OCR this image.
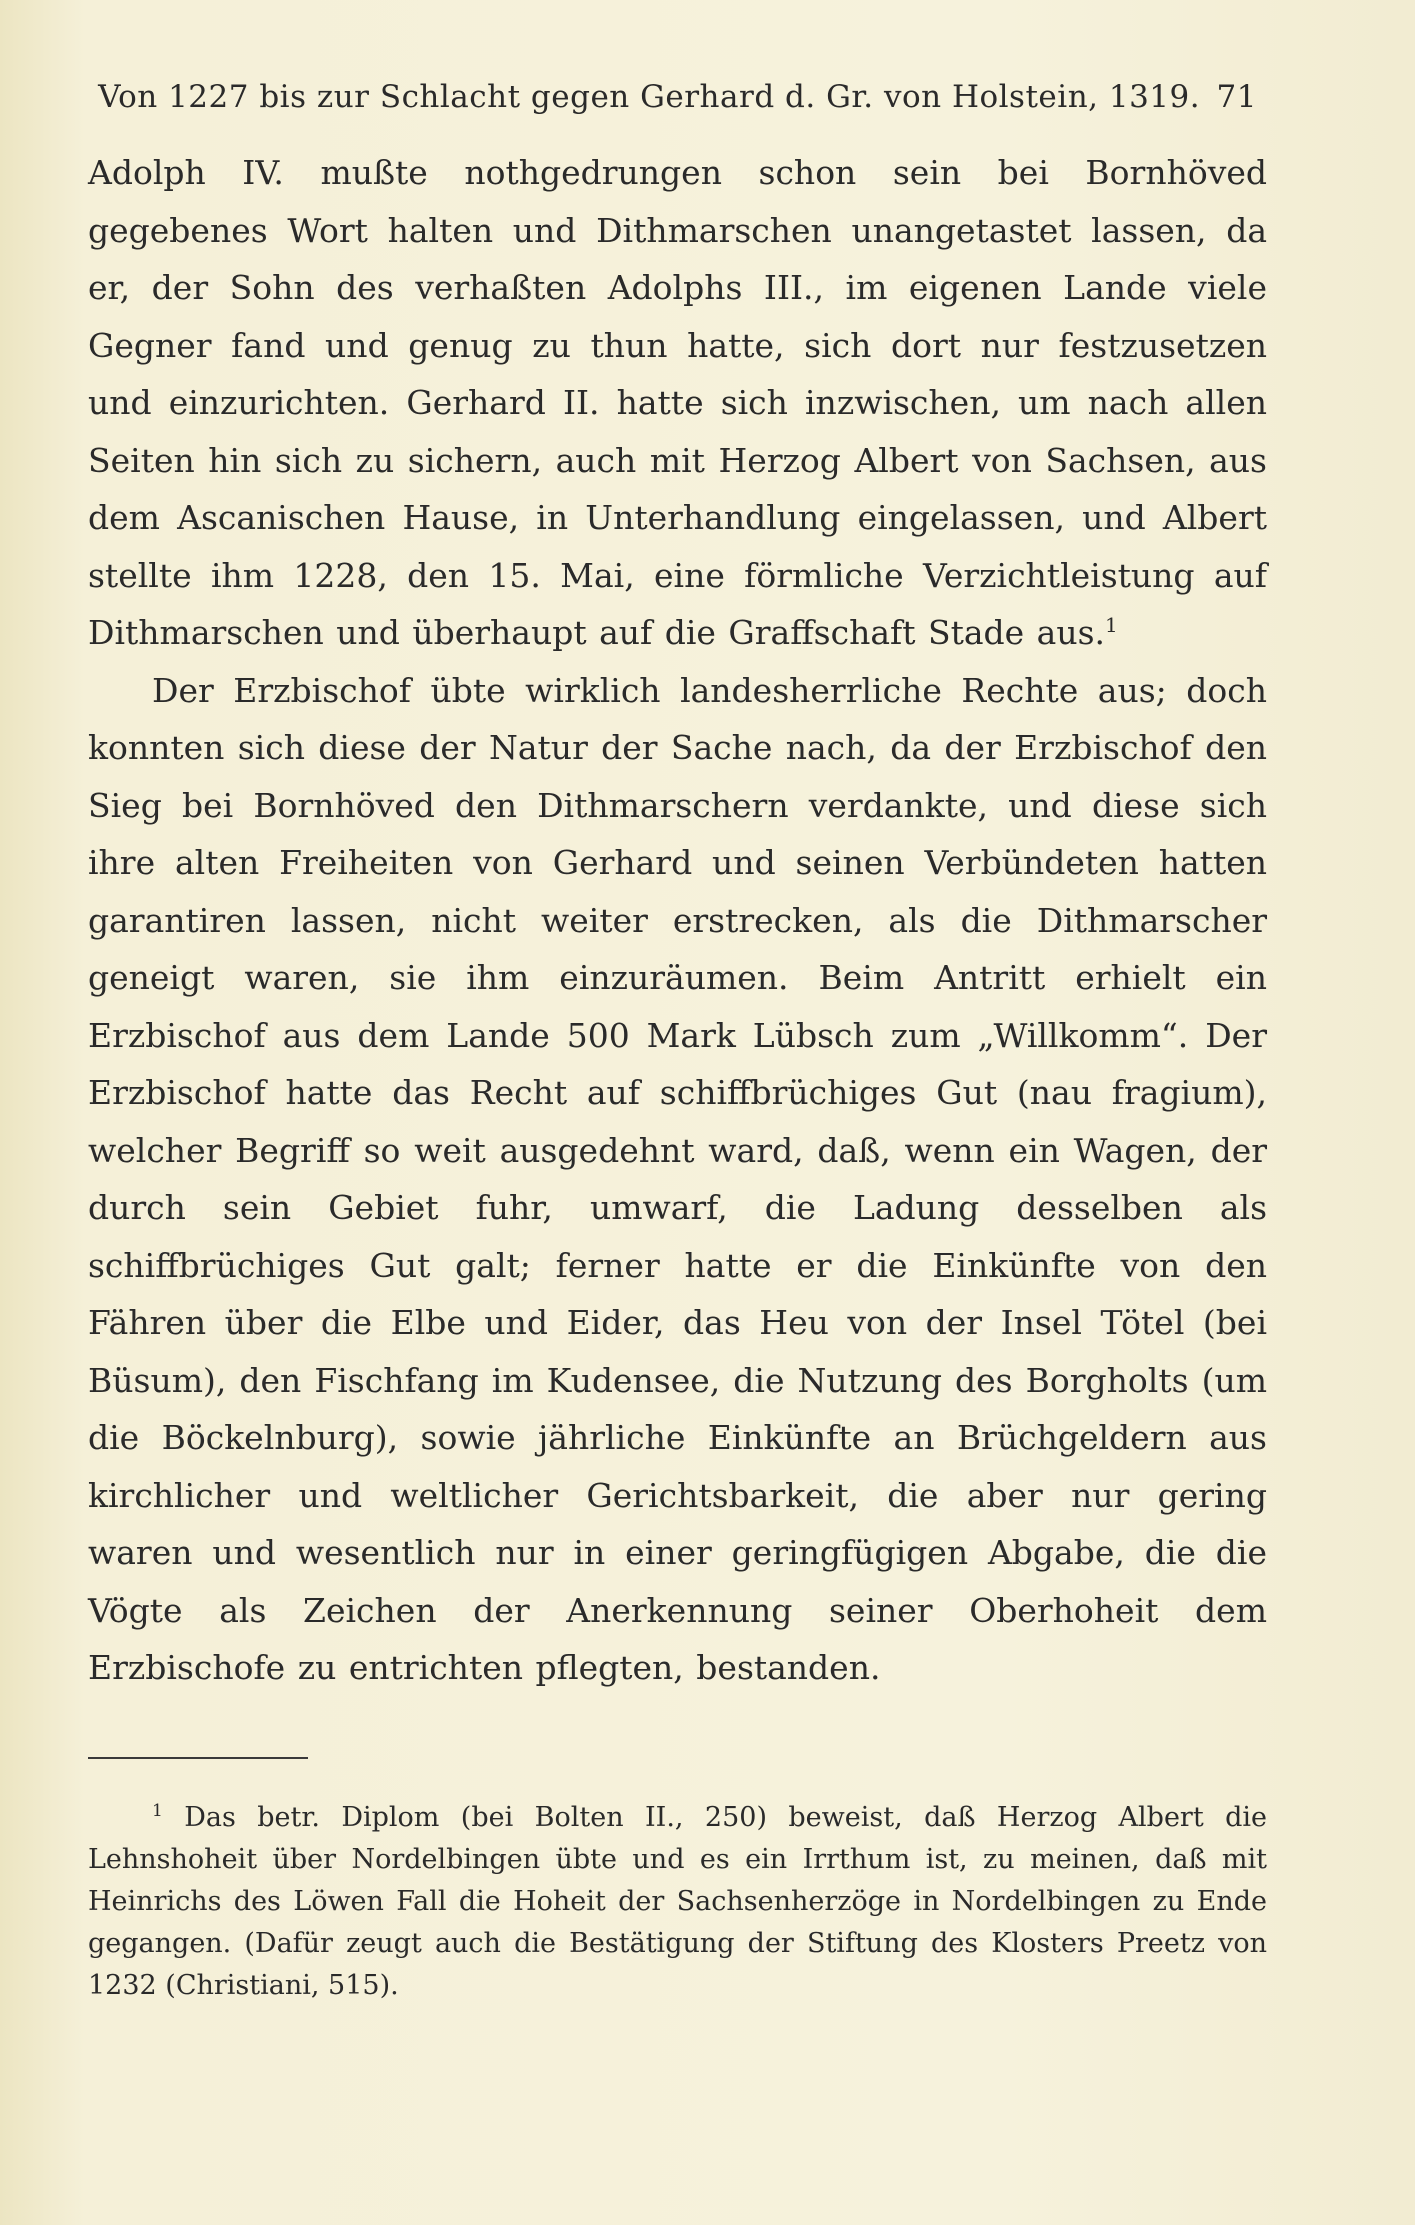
Von 1227 bis zur Schlacht gegen Gerhard d. Gr. von Holstein, 1319. 71

Adolph IV. mußte nothgedrungen schon sein bei Bornhöved gegebenes Wort halten und Dithmarschen unangetastet lassen, da er, der Sohn des verhaßten Adolphs III., im eigenen Lande viele Gegner fand und genug zu thun hatte, sich dort nur festzusetzen und einzurichten. Gerhard II. hatte sich inzwischen, um nach allen Seiten hin sich zu sichern, auch mit Herzog Albert von Sachsen, aus dem Ascanischen Hause, in Unterhandlung eingelassen, und Albert stellte ihm 1228, den 15. Mai, eine förmliche Verzichtleistung auf Dithmarschen und überhaupt auf die Graffschaft Stade aus.$^1$

Der Erzbischof übte wirklich landesherrliche Rechte aus; doch konnten sich diese der Natur der Sache nach, da der Erzbischof den Sieg bei Bornhöved den Dithmarschern verdankte, und diese sich ihre alten Freiheiten von Gerhard und seinen Verbündeten hatten garantiren lassen, nicht weiter erstrecken, als die Dithmarscher geneigt waren, sie ihm einzuräumen. Beim Antritt erhielt ein Erzbischof aus dem Lande 500 Mark Lübsch zum „Willkomm“. Der Erzbischof hatte das Recht auf schiffbrüchiges Gut (nau fragium), welcher Begriff so weit ausgedehnt ward, daß, wenn ein Wagen, der durch sein Gebiet fuhr, umwarf, die Ladung desselben als schiffbrüchiges Gut galt; ferner hatte er die Einkünfte von den Fähren über die Elbe und Eider, das Heu von der Insel Tötel (bei Büsum), den Fischfang im Kudensee, die Nutzung des Borgholts (um die Böckelnburg), sowie jährliche Einkünfte an Brüchgeldern aus kirchlicher und weltlicher Gerichtsbarkeit, die aber nur gering waren und wesentlich nur in einer geringfügigen Abgabe, die die Vögte als Zeichen der Anerkennung seiner Oberhoheit dem Erzbischofe zu entrichten pflegten, bestanden.

$^1$ Das betr. Diplom (bei Bolten II., 250) beweist, daß Herzog Albert die Lehnshoheit über Nordelbingen übte und es ein Irrthum ist, zu meinen, daß mit Heinrichs des Löwen Fall die Hoheit der Sachsenherzöge in Nordelbingen zu Ende gegangen. (Dafür zeugt auch die Bestätigung der Stiftung des Klosters Preetz von 1232 (Christiani, 515).
